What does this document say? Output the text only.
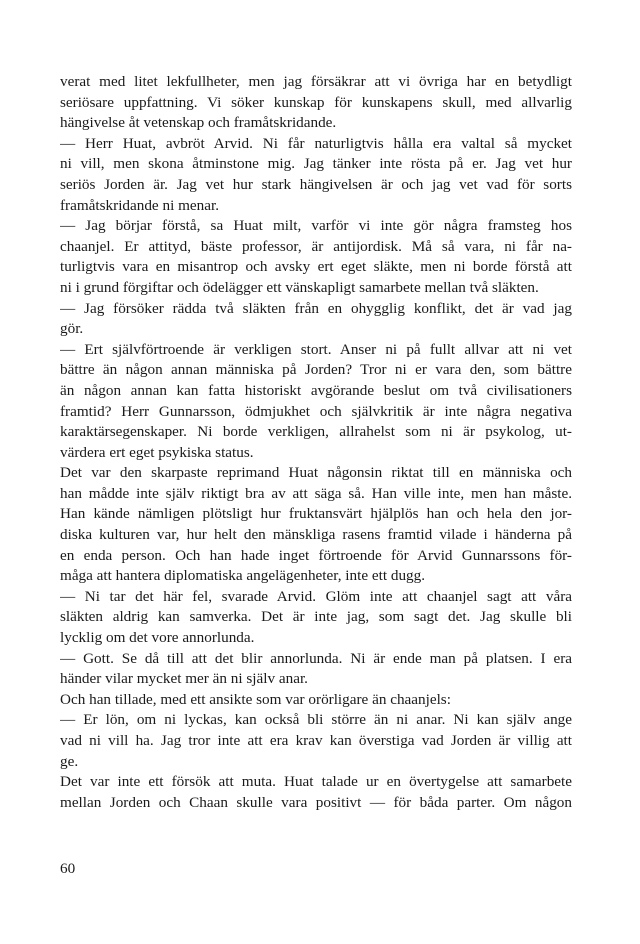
verat med litet lekfullheter, men jag försäkrar att vi övriga har en betydligt
seriösare uppfattning. Vi söker kunskap för kunskapens skull, med allvarlig
hängivelse åt vetenskap och framåtskridande.
— Herr Huat, avbröt Arvid. Ni får naturligtvis hålla era valtal så mycket
ni vill, men skona åtminstone mig. Jag tänker inte rösta på er. Jag vet hur
seriös Jorden är. Jag vet hur stark hängivelsen är och jag vet vad för sorts
framåtskridande ni menar.
— Jag börjar förstå, sa Huat milt, varför vi inte gör några framsteg hos
chaanjel. Er attityd, bäste professor, är antijordisk. Må så vara, ni får na-
turligtvis vara en misantrop och avsky ert eget släkte, men ni borde förstå att
ni i grund förgiftar och ödelägger ett vänskapligt samarbete mellan två släkten.
— Jag försöker rädda två släkten från en ohygglig konflikt, det är vad jag
gör.
— Ert självförtroende är verkligen stort. Anser ni på fullt allvar att ni vet
bättre än någon annan människa på Jorden? Tror ni er vara den, som bättre
än någon annan kan fatta historiskt avgörande beslut om två civilisationers
framtid? Herr Gunnarsson, ödmjukhet och självkritik är inte några negativa
karaktärsegenskaper. Ni borde verkligen, allrahelst som ni är psykolog, ut-
värdera ert eget psykiska status.
Det var den skarpaste reprimand Huat någonsin riktat till en människa och
han mådde inte själv riktigt bra av att säga så. Han ville inte, men han måste.
Han kände nämligen plötsligt hur fruktansvärt hjälplös han och hela den jor-
diska kulturen var, hur helt den mänskliga rasens framtid vilade i händerna på
en enda person. Och han hade inget förtroende för Arvid Gunnarssons för-
måga att hantera diplomatiska angelägenheter, inte ett dugg.
— Ni tar det här fel, svarade Arvid. Glöm inte att chaanjel sagt att våra
släkten aldrig kan samverka. Det är inte jag, som sagt det. Jag skulle bli
lycklig om det vore annorlunda.
— Gott. Se då till att det blir annorlunda. Ni är ende man på platsen. I era
händer vilar mycket mer än ni själv anar.
Och han tillade, med ett ansikte som var orörligare än chaanjels:
— Er lön, om ni lyckas, kan också bli större än ni anar. Ni kan själv ange
vad ni vill ha. Jag tror inte att era krav kan överstiga vad Jorden är villig att
ge.
Det var inte ett försök att muta. Huat talade ur en övertygelse att samarbete
mellan Jorden och Chaan skulle vara positivt — för båda parter. Om någon
60
